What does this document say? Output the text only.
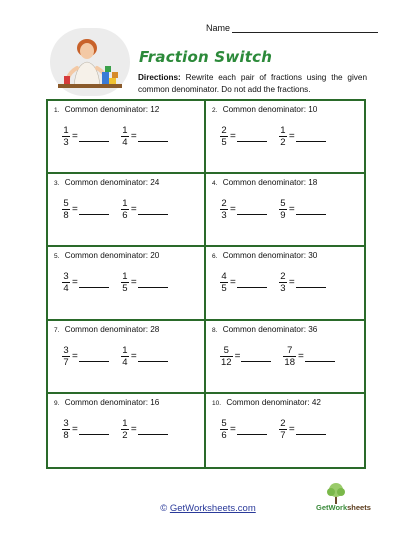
Name
Fraction Switch
Directions: Rewrite each pair of fractions using the given common denominator. Do not add the fractions.
1. Common denominator: 12
$\frac{1}{3}$ =	$\frac{1}{4}$ =
2. Common denominator: 10
$\frac{2}{5}$ =	$\frac{1}{2}$ =
3. Common denominator: 24
$\frac{5}{8}$ =	$\frac{1}{6}$ =
4. Common denominator: 18
$\frac{2}{3}$ =	$\frac{5}{9}$ =
5. Common denominator: 20
$\frac{3}{4}$ =	$\frac{1}{5}$ =
6. Common denominator: 30
$\frac{4}{5}$ =	$\frac{2}{3}$ =
7. Common denominator: 28
$\frac{3}{7}$ =	$\frac{1}{4}$ =
8. Common denominator: 36
$\frac{5}{12}$ =	$\frac{7}{18}$ =
9. Common denominator: 16
$\frac{3}{8}$ =	$\frac{1}{2}$ =
10. Common denominator: 42
$\frac{5}{6}$ =	$\frac{2}{7}$ =
© GetWorksheets.com	GetWorksheets
